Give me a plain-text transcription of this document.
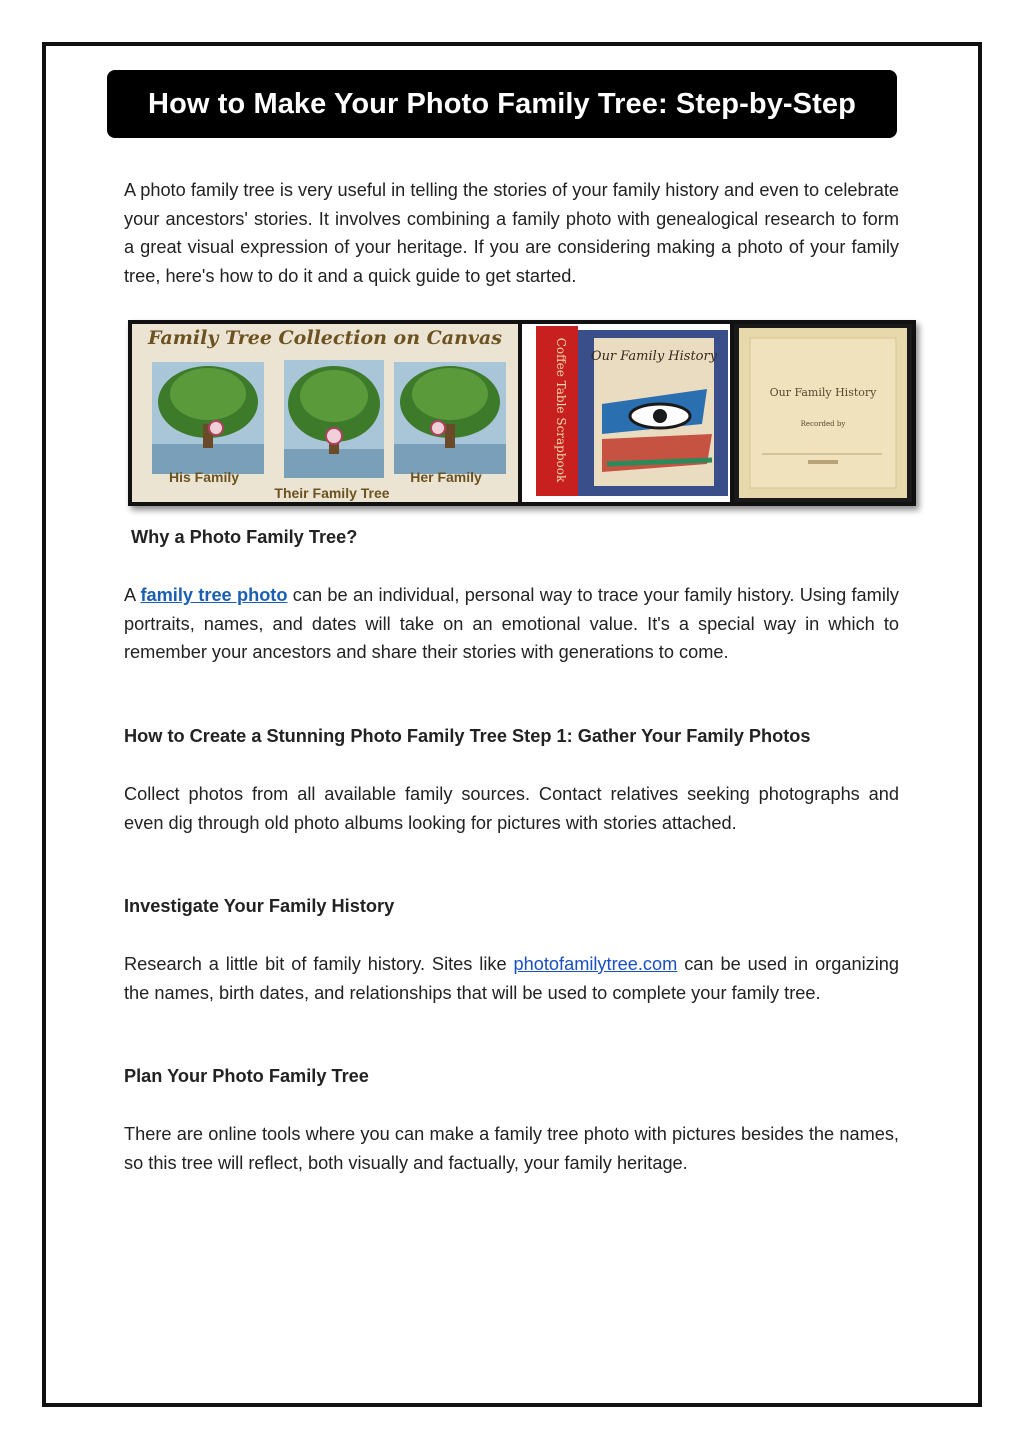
How to Make Your Photo Family Tree: Step-by-Step

A photo family tree is very useful in telling the stories of your family history and even to celebrate your ancestors' stories. It involves combining a family photo with genealogical research to form a great visual expression of your heritage. If you are considering making a photo of your family tree, here's how to do it and a quick guide to get started.

Family Tree Collection on Canvas
His Family
Their Family Tree
Her Family	Coffee Table Scrapbook Our Family History
Our Family History
Recorded by
Why a Photo Family Tree?

A family tree photo can be an individual, personal way to trace your family history. Using family portraits, names, and dates will take on an emotional value. It's a special way in which to remember your ancestors and share their stories with generations to come.

How to Create a Stunning Photo Family Tree Step 1: Gather Your Family Photos

Collect photos from all available family sources. Contact relatives seeking photographs and even dig through old photo albums looking for pictures with stories attached.

Investigate Your Family History

Research a little bit of family history. Sites like photofamilytree.com can be used in organizing the names, birth dates, and relationships that will be used to complete your family tree.

Plan Your Photo Family Tree

There are online tools where you can make a family tree photo with pictures besides the names, so this tree will reflect, both visually and factually, your family heritage.
